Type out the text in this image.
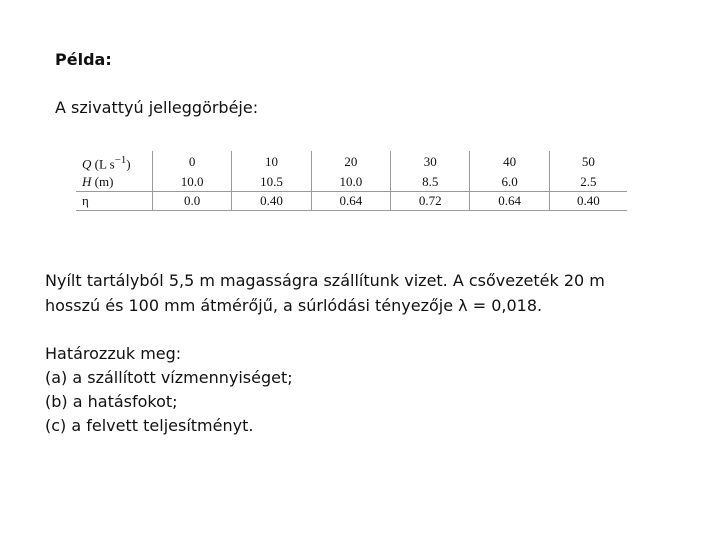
Példa:
A szivattyú jelleggörbéje:
Q (L $s^{-1}$)	0	10	20	30	40	50
H (m)	10.0	10.5	10.0	8.5	6.0	2.5
η	0.0	0.40	0.64	0.72	0.64	0.40
Nyílt tartályból 5,5 m magasságra szállítunk vizet. A csővezeték 20 m
hosszú és 100 mm átmérőjű, a súrlódási tényezője λ = 0,018.
Határozzuk meg:
(a) a szállított vízmennyiséget;
(b) a hatásfokot;
(c) a felvett teljesítményt.
